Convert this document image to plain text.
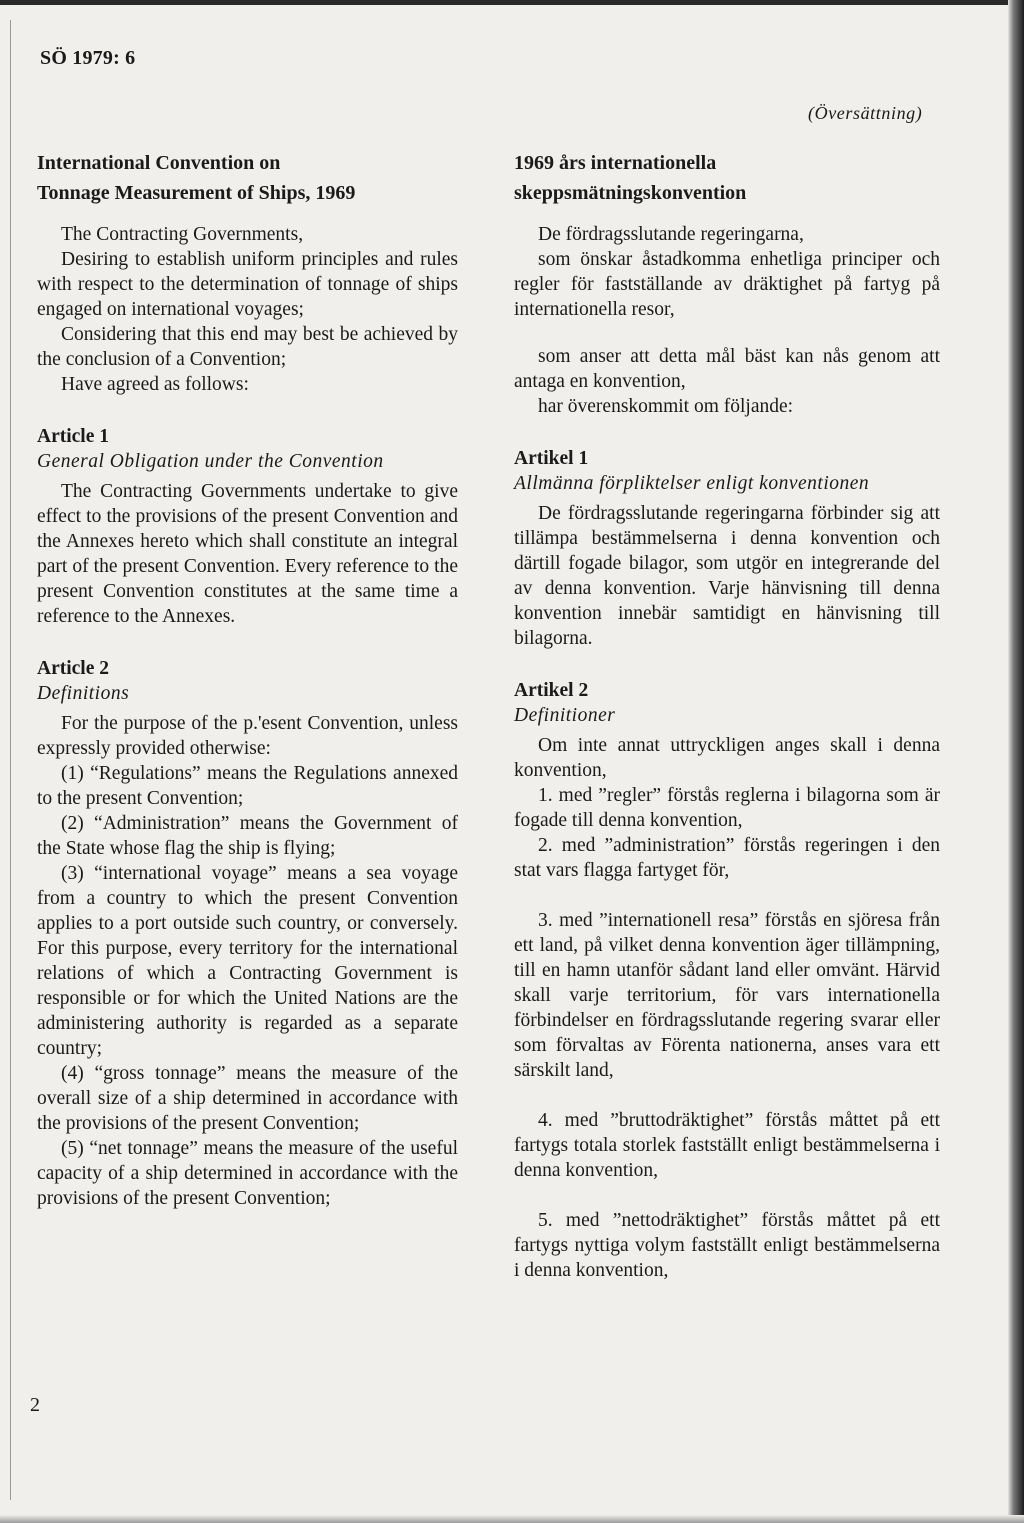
SÖ 1979: 6
(Översättning)
International Convention on
Tonnage Measurement of Ships, 1969

The Contracting Governments,

Desiring to establish uniform principles and rules with respect to the determination of tonnage of ships engaged on international voyages;

Considering that this end may best be achieved by the conclusion of a Convention;

Have agreed as follows:

Article 1
General Obligation under the Convention

The Contracting Governments undertake to give effect to the provisions of the present Convention and the Annexes hereto which shall constitute an integral part of the present Convention. Every reference to the present Convention constitutes at the same time a reference to the Annexes.

Article 2
Definitions

For the purpose of the p.'esent Convention, unless expressly provided otherwise:

(1) “Regulations” means the Regulations annexed to the present Convention;

(2) “Administration” means the Government of the State whose flag the ship is flying;

(3) “international voyage” means a sea voyage from a country to which the present Convention applies to a port outside such country, or conversely. For this purpose, every territory for the international relations of which a Contracting Government is responsible or for which the United Nations are the administering authority is regarded as a separate country;

(4) “gross tonnage” means the measure of the overall size of a ship determined in accordance with the provisions of the present Convention;

(5) “net tonnage” means the measure of the useful capacity of a ship determined in accordance with the provisions of the present Convention;

1969 års internationella
skeppsmätningskonvention

De fördragsslutande regeringarna,

som önskar åstadkomma enhetliga principer och regler för fastställande av dräktighet på fartyg på internationella resor,

som anser att detta mål bäst kan nås genom att antaga en konvention,

har överenskommit om följande:

Artikel 1
Allmänna förpliktelser enligt konventionen

De fördragsslutande regeringarna förbinder sig att tillämpa bestämmelserna i denna konvention och därtill fogade bilagor, som utgör en integrerande del av denna konvention. Varje hänvisning till denna konvention innebär samtidigt en hänvisning till bilagorna.

Artikel 2
Definitioner

Om inte annat uttryckligen anges skall i denna konvention,

1. med ”regler” förstås reglerna i bilagorna som är fogade till denna konvention,

2. med ”administration” förstås regeringen i den stat vars flagga fartyget för,

3. med ”internationell resa” förstås en sjöresa från ett land, på vilket denna konvention äger tillämpning, till en hamn utanför sådant land eller omvänt. Härvid skall varje territorium, för vars internationella förbindelser en fördragsslutande regering svarar eller som förvaltas av Förenta nationerna, anses vara ett särskilt land,

4. med ”bruttodräktighet” förstås måttet på ett fartygs totala storlek fastställt enligt bestämmelserna i denna konvention,

5. med ”nettodräktighet” förstås måttet på ett fartygs nyttiga volym fastställt enligt bestämmelserna i denna konvention,

2
